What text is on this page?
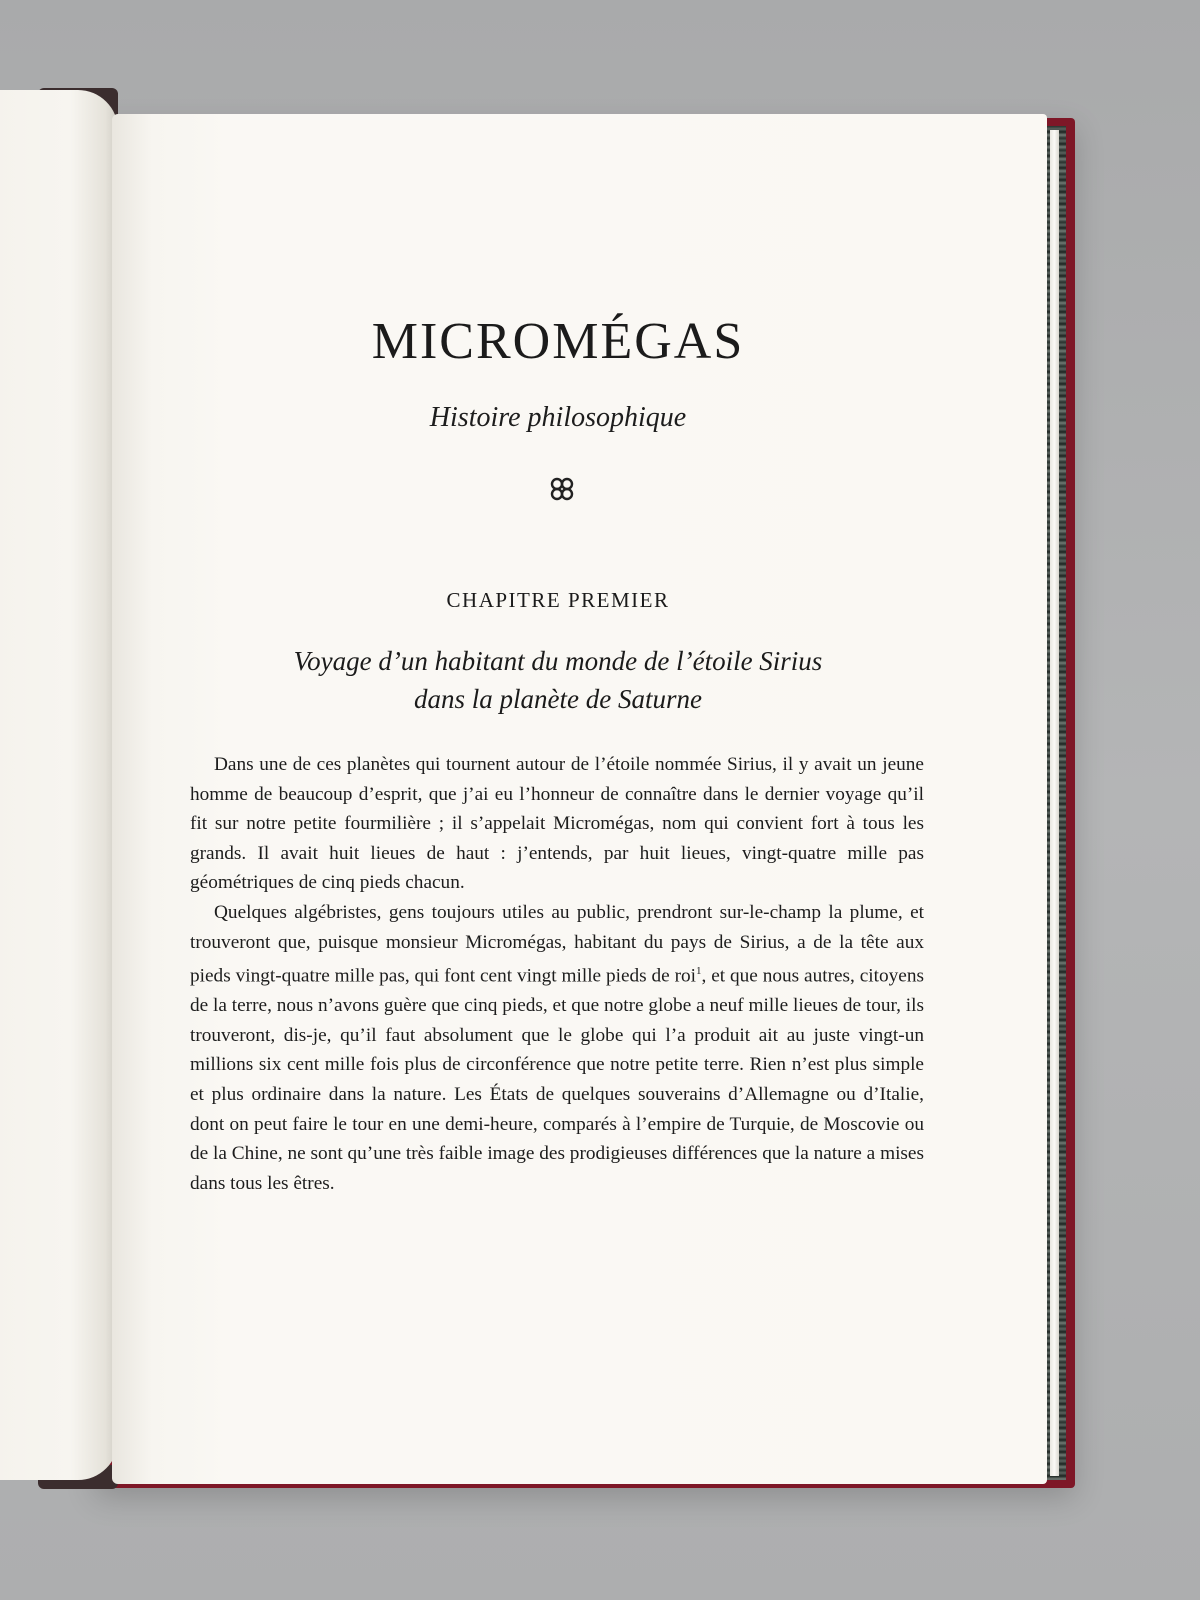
MICROMÉGAS
Histoire philosophique
CHAPITRE PREMIER
Voyage d’un habitant du monde de l’étoile Sirius
dans la planète de Saturne

Dans une de ces planètes qui tournent autour de l’étoile nommée Sirius, il y avait un jeune homme de beaucoup d’esprit, que j’ai eu l’honneur de connaître dans le dernier voyage qu’il fit sur notre petite fourmilière ; il s’appelait Micromégas, nom qui convient fort à tous les grands. Il avait huit lieues de haut : j’entends, par huit lieues, vingt-quatre mille pas géométriques de cinq pieds chacun.

Quelques algébristes, gens toujours utiles au public, prendront sur-le-champ la plume, et trouveront que, puisque monsieur Micromégas, habitant du pays de Sirius, a de la tête aux pieds vingt-quatre mille pas, qui font cent vingt mille pieds de roi$^1$, et que nous autres, citoyens de la terre, nous n’avons guère que cinq pieds, et que notre globe a neuf mille lieues de tour, ils trouveront, dis-je, qu’il faut absolument que le globe qui l’a produit ait au juste vingt-un millions six cent mille fois plus de circonférence que notre petite terre. Rien n’est plus simple et plus ordinaire dans la nature. Les États de quelques souverains d’Allemagne ou d’Italie, dont on peut faire le tour en une demi-heure, comparés à l’empire de Turquie, de Moscovie ou de la Chine, ne sont qu’une très faible image des prodigieuses différences que la nature a mises dans tous les êtres.
